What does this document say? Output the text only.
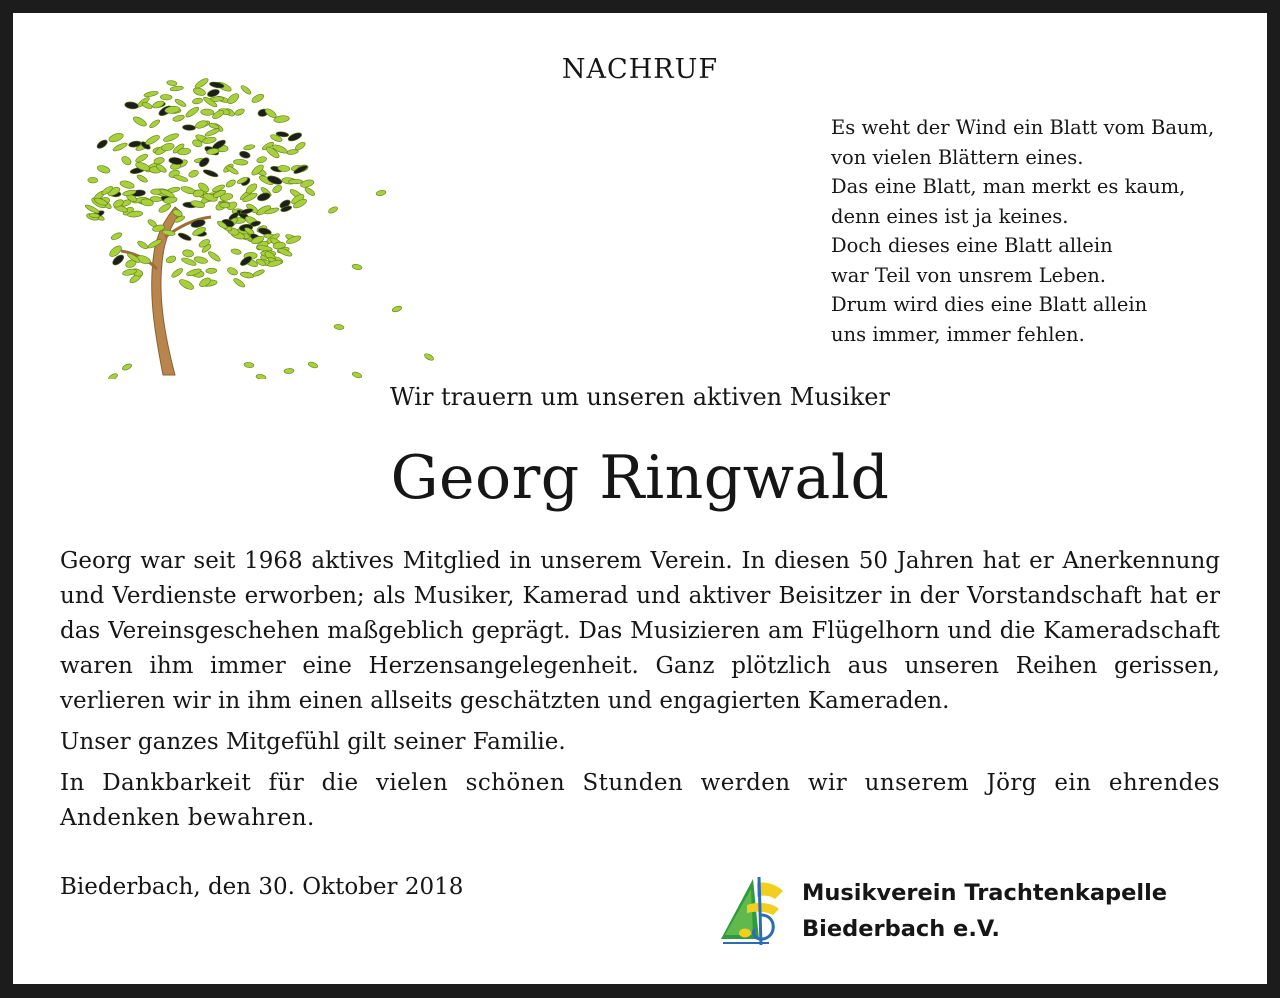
NACHRUF
Es weht der Wind ein Blatt vom Baum,
von vielen Blättern eines.
Das eine Blatt, man merkt es kaum,
denn eines ist ja keines.
Doch dieses eine Blatt allein
war Teil von unsrem Leben.
Drum wird dies eine Blatt allein
uns immer, immer fehlen.
Wir trauern um unseren aktiven Musiker
Georg Ringwald

Georg war seit 1968 aktives Mitglied in unserem Verein. In diesen 50 Jahren hat er Anerkennung und Verdienste erworben; als Musiker, Kamerad und aktiver Beisitzer in der Vorstandschaft hat er das Vereinsgeschehen maßgeblich geprägt. Das Musizieren am Flügelhorn und die Kameradschaft waren ihm immer eine Herzensangelegenheit. Ganz plötzlich aus unseren Reihen gerissen, verlieren wir in ihm einen allseits geschätzten und engagierten Kameraden.

Unser ganzes Mitgefühl gilt seiner Familie.

In Dankbarkeit für die vielen schönen Stunden werden wir unserem Jörg ein ehrendes Andenken bewahren.

Biederbach, den 30. Oktober 2018	Musikverein Trachtenkapelle
Biederbach e.V.
